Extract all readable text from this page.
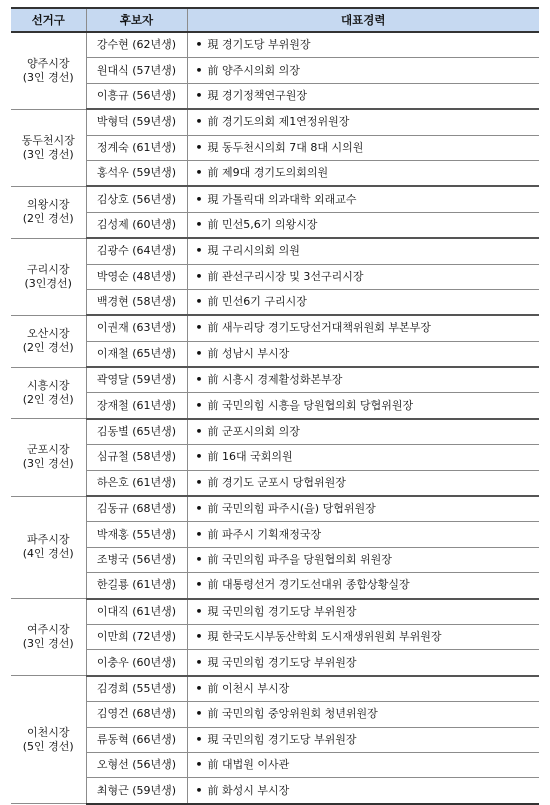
선거구	후보자	대표경력

양주시장
(3인 경선)	강수현 (62년생)	• 現 경기도당 부위원장
	원대식 (57년생)	• 前 양주시의회 의장
	이흥규 (56년생)	• 現 경기정책연구원장

동두천시장
(3인 경선)	박형덕 (59년생)	• 前 경기도의회 제1연정위원장
	정계숙 (61년생)	• 現 동두천시의회 7대 8대 시의원
	홍석우 (59년생)	• 前 제9대 경기도의회의원

의왕시장
(2인 경선)	김상호 (56년생)	• 現 가톨릭대 의과대학 외래교수
	김성제 (60년생)	• 前 민선5,6기 의왕시장

구리시장
(3인경선)	김광수 (64년생)	• 現 구리시의회 의원
	박영순 (48년생)	• 前 관선구리시장 및 3선구리시장
	백경현 (58년생)	• 前 민선6기 구리시장

오산시장
(2인 경선)	이권재 (63년생)	• 前 새누리당 경기도당선거대책위원회 부본부장
	이재철 (65년생)	• 前 성남시 부시장

시흥시장
(2인 경선)	곽영달 (59년생)	• 前 시흥시 경제활성화본부장
	장재철 (61년생)	• 前 국민의힘 시흥을 당원협의회 당협위원장

군포시장
(3인 경선)	김동별 (65년생)	• 前 군포시의회 의장
	심규철 (58년생)	• 前 16대 국회의원
	하은호 (61년생)	• 前 경기도 군포시 당협위원장

파주시장
(4인 경선)	김동규 (68년생)	• 前 국민의힘 파주시(을) 당협위원장
	박재홍 (55년생)	• 前 파주시 기획재정국장
	조병국 (56년생)	• 前 국민의힘 파주을 당원협의회 위원장
	한길룡 (61년생)	• 前 대통령선거 경기도선대위 종합상황실장

여주시장
(3인 경선)	이대직 (61년생)	• 現 국민의힘 경기도당 부위원장
	이만희 (72년생)	• 現 한국도시부동산학회 도시재생위원회 부위원장
	이충우 (60년생)	• 現 국민의힘 경기도당 부위원장

이천시장
(5인 경선)	김경희 (55년생)	• 前 이천시 부시장
	김영건 (68년생)	• 前 국민의힘 중앙위원회 청년위원장
	류동혁 (66년생)	• 現 국민의힘 경기도당 부위원장
	오형선 (56년생)	• 前 대법원 이사관
	최형근 (59년생)	• 前 화성시 부시장
